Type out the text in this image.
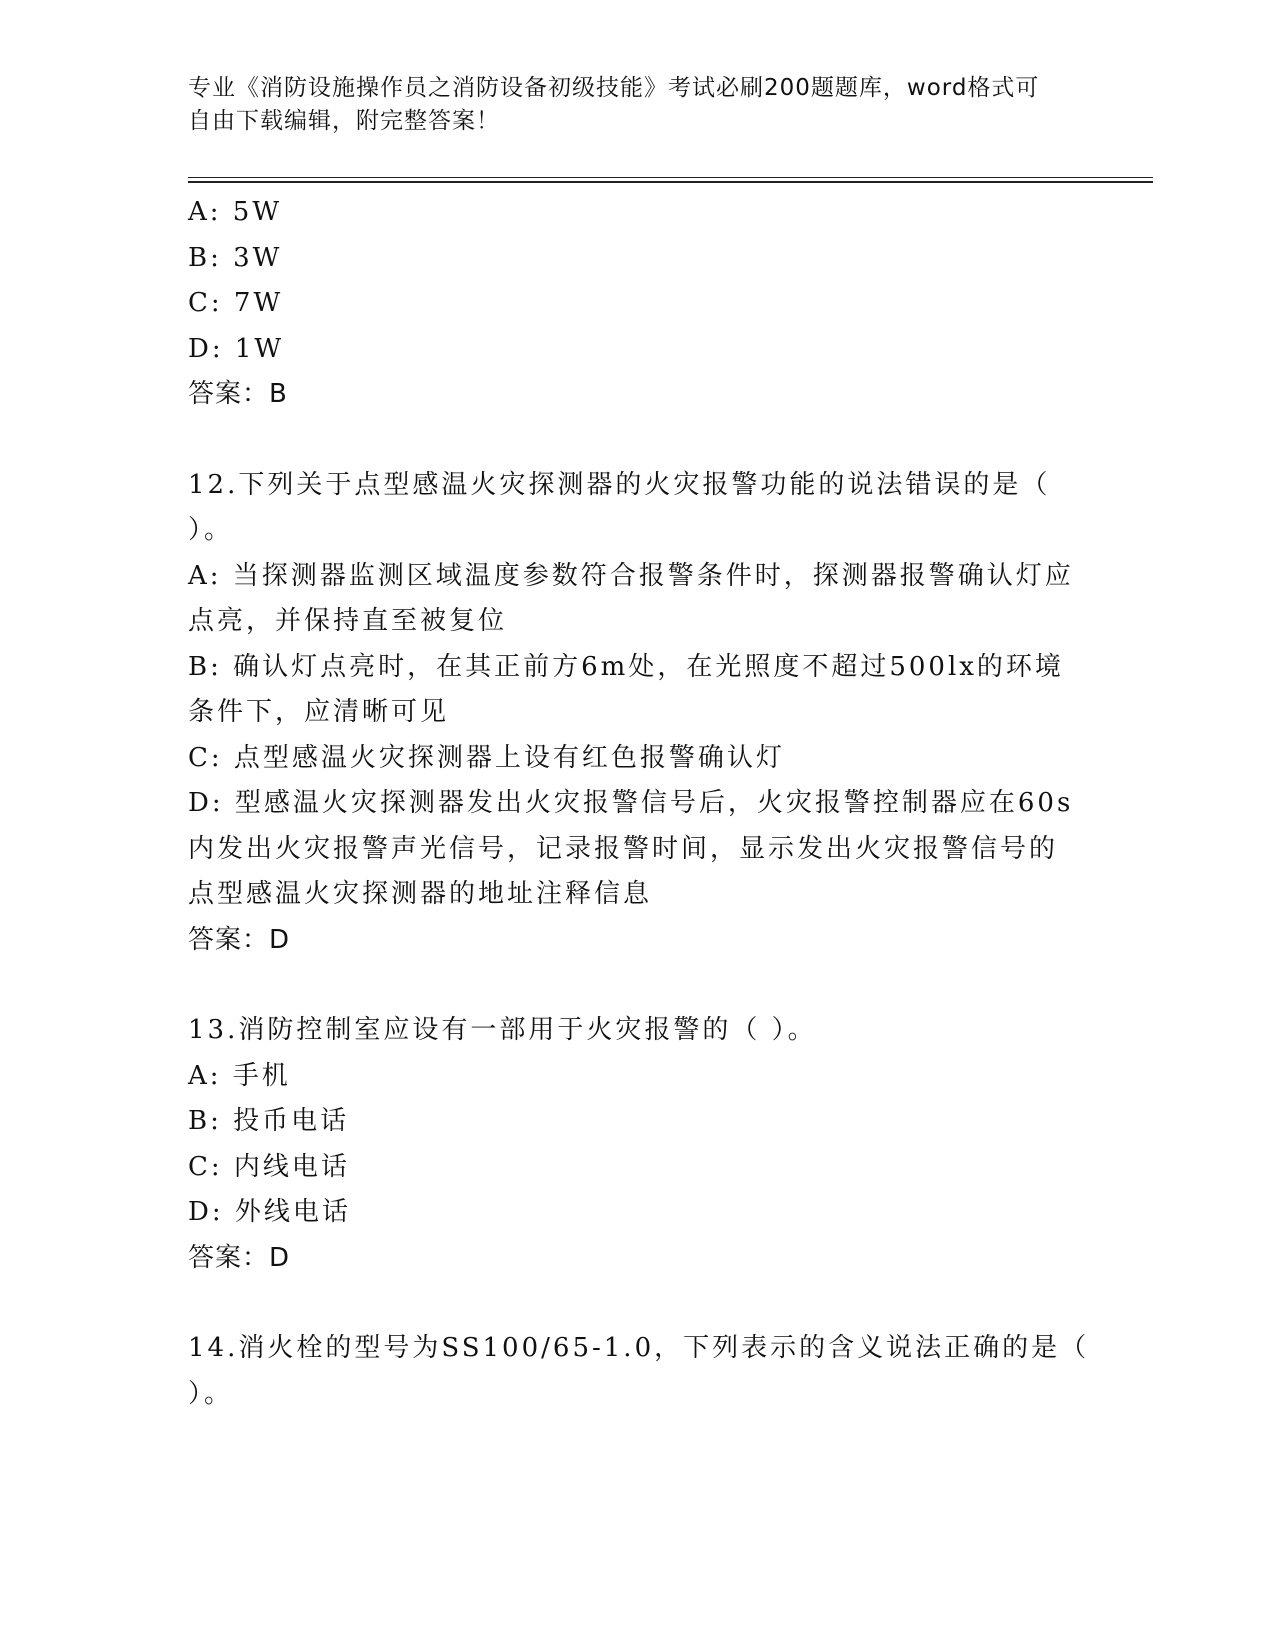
专业《消防设施操作员之消防设备初级技能》考试必刷200题题库，word格式可
自由下载编辑，附完整答案！
A: 5W
B: 3W
C: 7W
D: 1W
答案：B
12.下列关于点型感温火灾探测器的火灾报警功能的说法错误的是（
）。
A: 当探测器监测区域温度参数符合报警条件时，探测器报警确认灯应
点亮，并保持直至被复位
B: 确认灯点亮时，在其正前方6m处，在光照度不超过500lx的环境
条件下，应清晰可见
C: 点型感温火灾探测器上设有红色报警确认灯
D: 型感温火灾探测器发出火灾报警信号后，火灾报警控制器应在60s
内发出火灾报警声光信号，记录报警时间，显示发出火灾报警信号的
点型感温火灾探测器的地址注释信息
答案：D
13.消防控制室应设有一部用于火灾报警的（ ）。
A: 手机
B: 投币电话
C: 内线电话
D: 外线电话
答案：D
14.消火栓的型号为SS100/65-1.0，下列表示的含义说法正确的是（
）。
